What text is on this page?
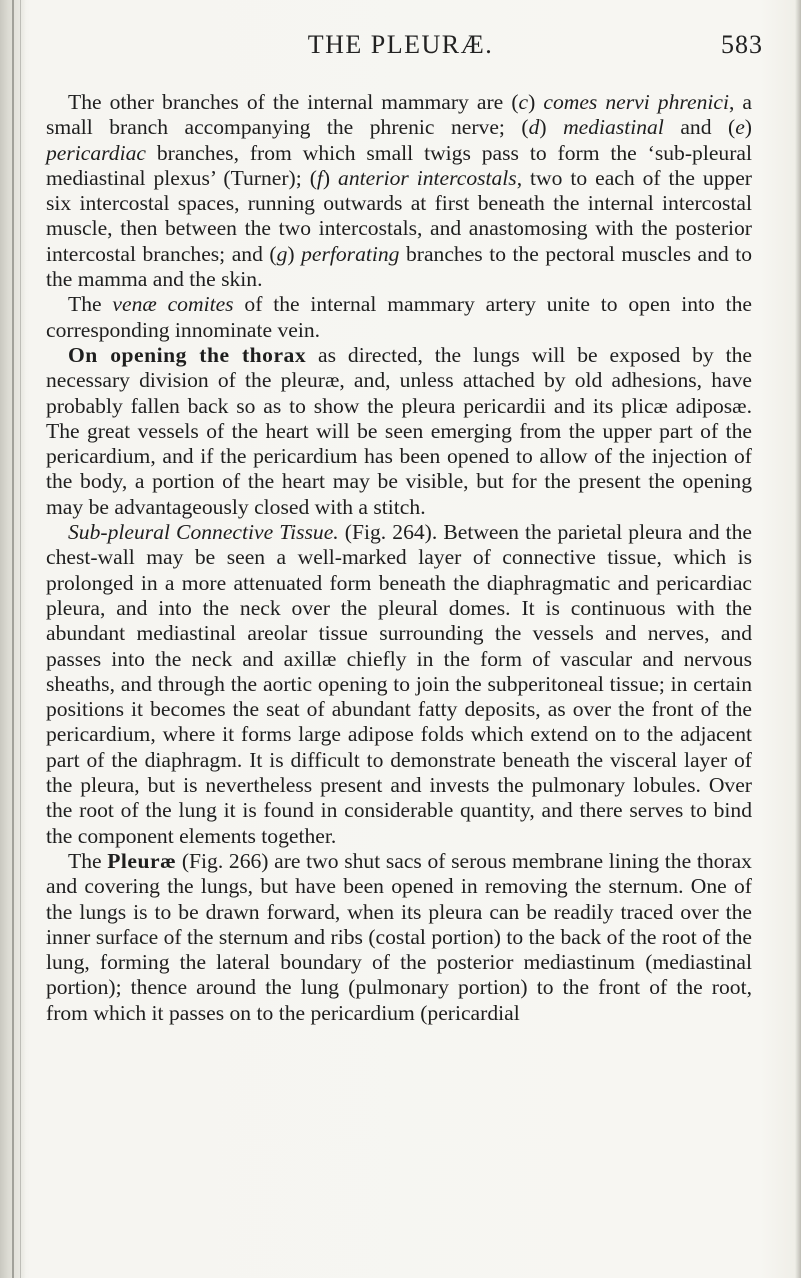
THE PLEURÆ.	583

The other branches of the internal mammary are (c) comes nervi phrenici, a small branch accompanying the phrenic nerve; (d) mediastinal and (e) pericardiac branches, from which small twigs pass to form the ‘sub-pleural mediastinal plexus’ (Turner); (f) anterior intercostals, two to each of the upper six intercostal spaces, running outwards at first beneath the internal intercostal muscle, then between the two intercostals, and anastomosing with the posterior intercostal branches; and (g) perforating branches to the pectoral muscles and to the mamma and the skin.

The venæ comites of the internal mammary artery unite to open into the corresponding innominate vein.

On opening the thorax as directed, the lungs will be exposed by the necessary division of the pleuræ, and, unless attached by old adhesions, have probably fallen back so as to show the pleura pericardii and its plicæ adiposæ. The great vessels of the heart will be seen emerging from the upper part of the pericardium, and if the pericardium has been opened to allow of the injection of the body, a portion of the heart may be visible, but for the present the opening may be advantageously closed with a stitch.

Sub-pleural Connective Tissue. (Fig. 264). Between the parietal pleura and the chest-wall may be seen a well-marked layer of connective tissue, which is prolonged in a more attenuated form beneath the diaphragmatic and pericardiac pleura, and into the neck over the pleural domes. It is continuous with the abundant mediastinal areolar tissue surrounding the vessels and nerves, and passes into the neck and axillæ chiefly in the form of vascular and nervous sheaths, and through the aortic opening to join the subperitoneal tissue; in certain positions it becomes the seat of abundant fatty deposits, as over the front of the pericardium, where it forms large adipose folds which extend on to the adjacent part of the diaphragm. It is difficult to demonstrate beneath the visceral layer of the pleura, but is nevertheless present and invests the pulmonary lobules. Over the root of the lung it is found in considerable quantity, and there serves to bind the component elements together.

The Pleuræ (Fig. 266) are two shut sacs of serous membrane lining the thorax and covering the lungs, but have been opened in removing the sternum. One of the lungs is to be drawn forward, when its pleura can be readily traced over the inner surface of the sternum and ribs (costal portion) to the back of the root of the lung, forming the lateral boundary of the posterior mediastinum (mediastinal portion); thence around the lung (pulmonary portion) to the front of the root, from which it passes on to the pericardium (pericardial
